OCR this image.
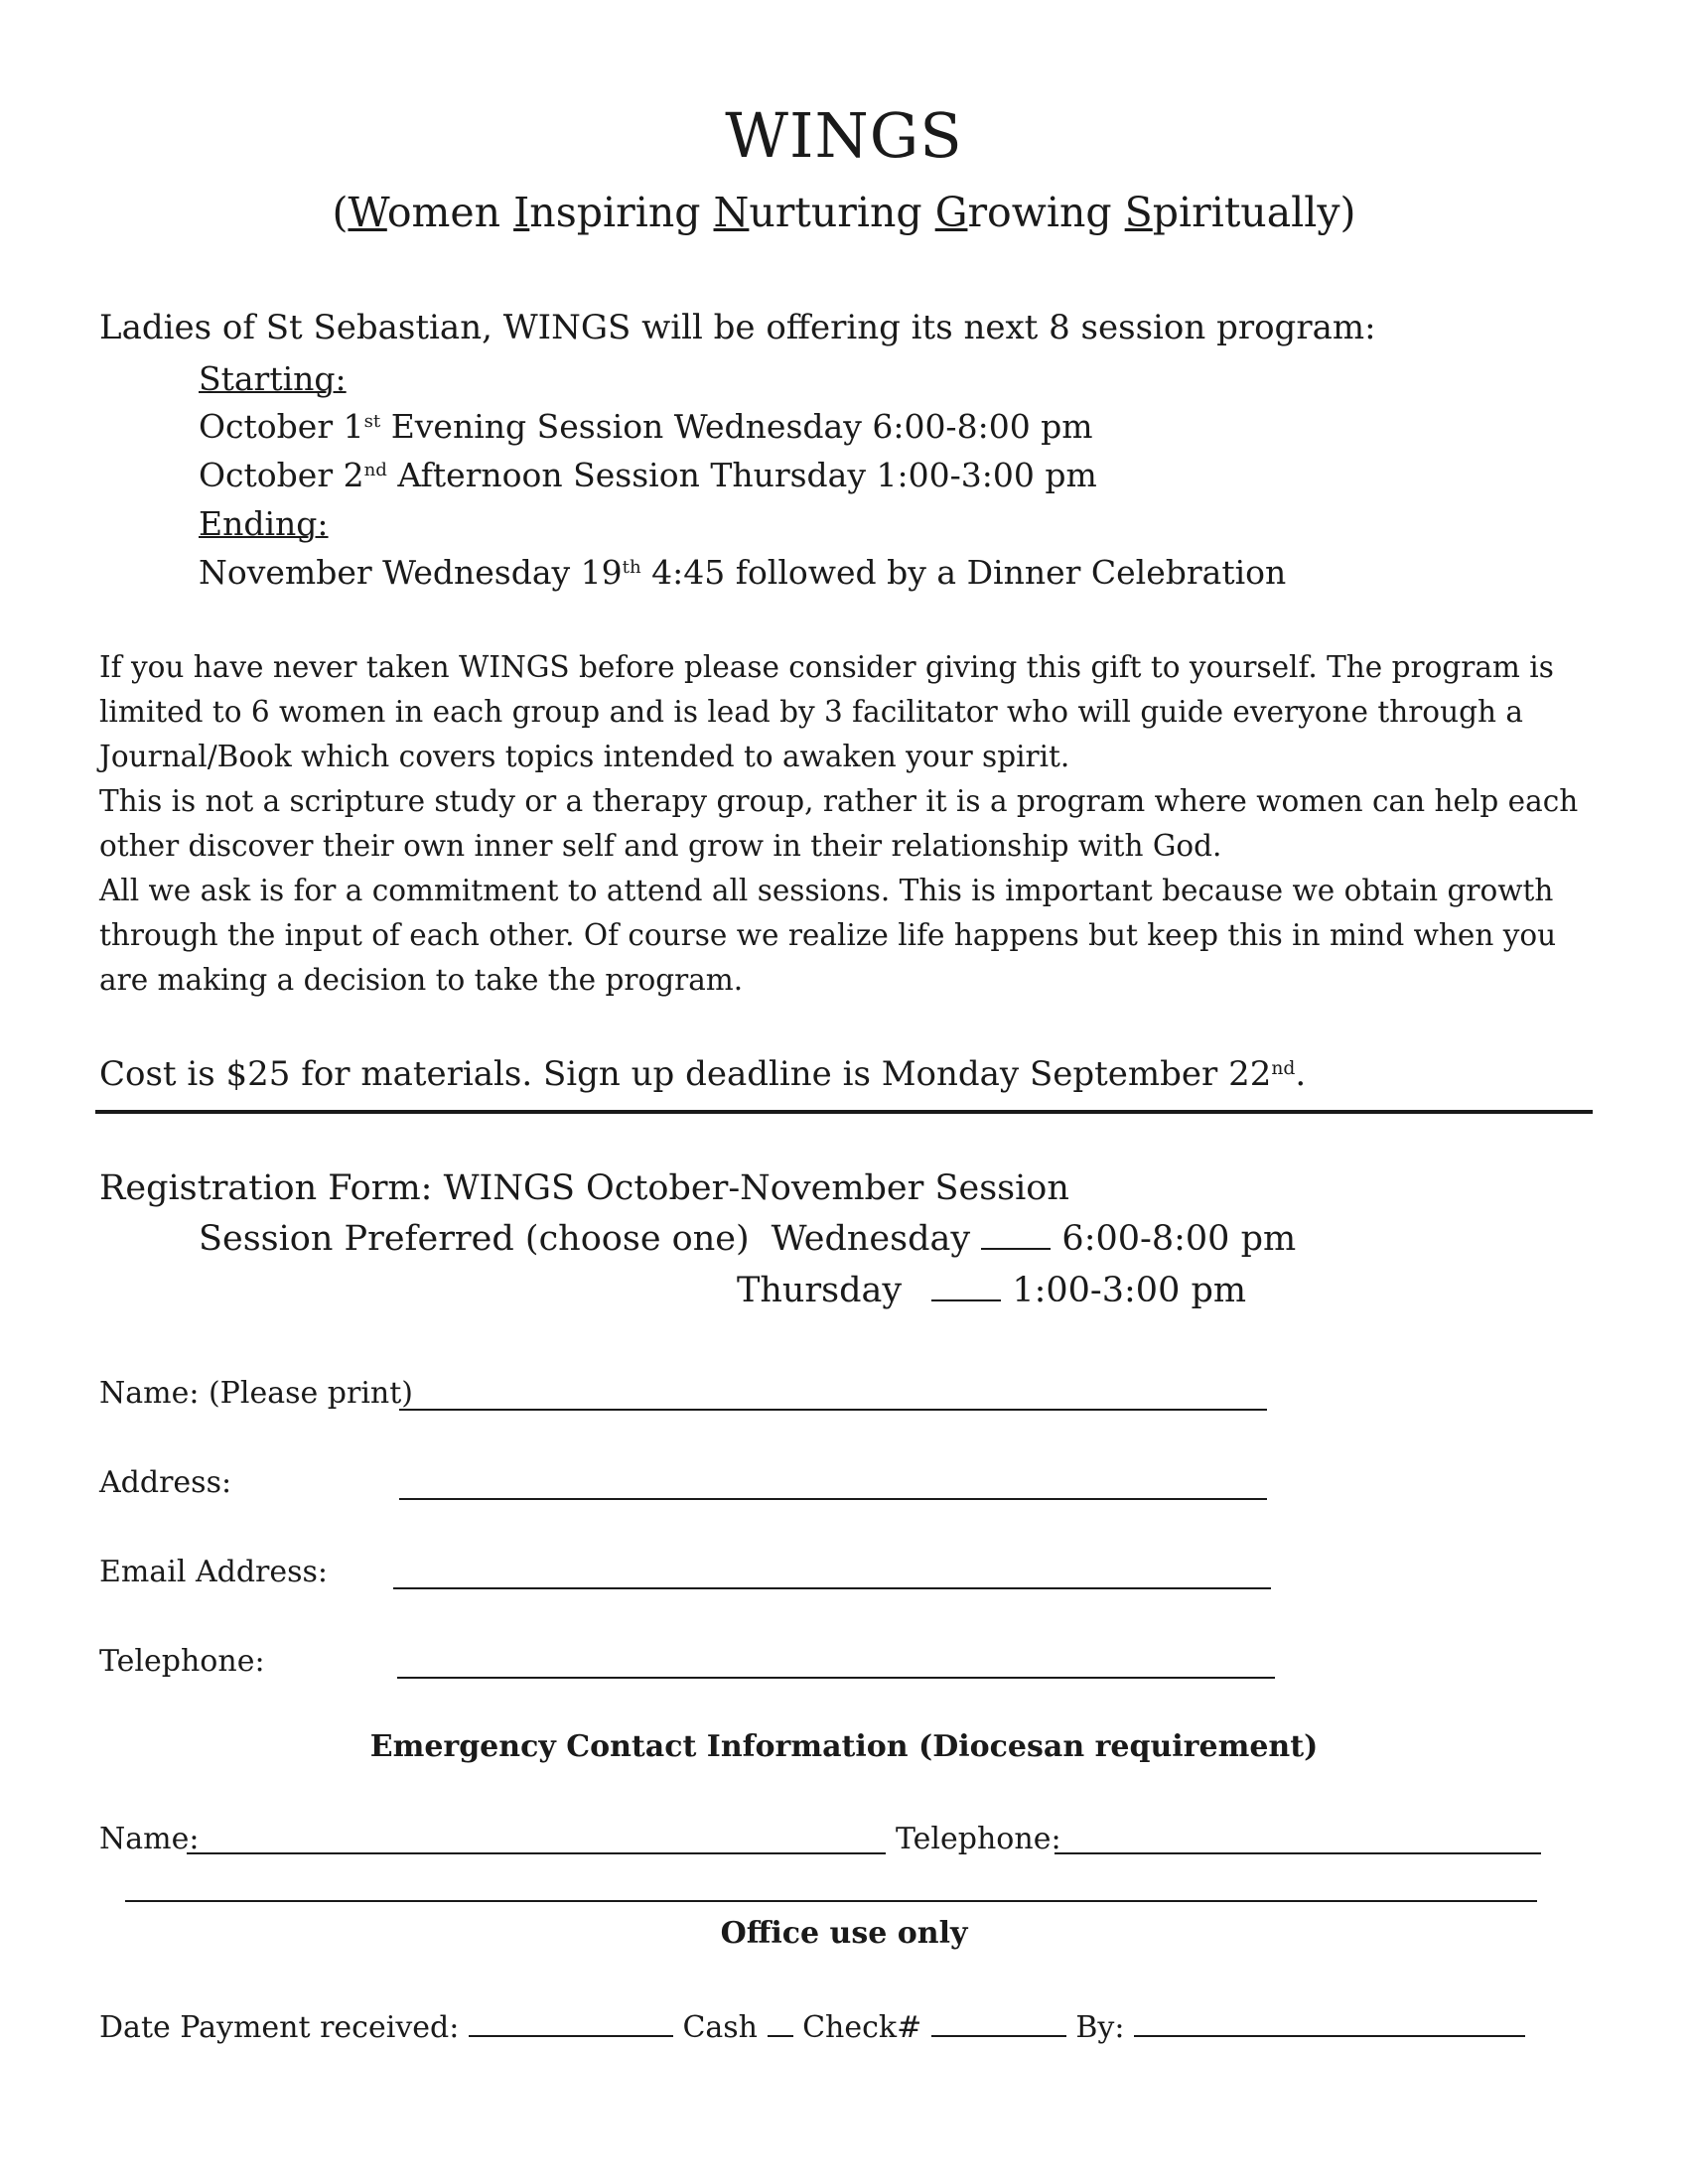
WINGS
(Women Inspiring Nurturing Growing Spiritually)
Ladies of St Sebastian, WINGS will be offering its next 8 session program:
Starting:
October 1st Evening Session Wednesday 6:00-8:00 pm
October 2nd Afternoon Session Thursday 1:00-3:00 pm
Ending:
November Wednesday 19th 4:45 followed by a Dinner Celebration
If you have never taken WINGS before please consider giving this gift to yourself. The program is limited to 6 women in each group and is lead by 3 facilitator who will guide everyone through a Journal/Book which covers topics intended to awaken your spirit.
This is not a scripture study or a therapy group, rather it is a program where women can help each other discover their own inner self and grow in their relationship with God.
All we ask is for a commitment to attend all sessions. This is important because we obtain growth through the input of each other. Of course we realize life happens but keep this in mind when you are making a decision to take the program.
Cost is $25 for materials. Sign up deadline is Monday September 22nd.
Registration Form: WINGS October-November Session
Session Preferred (choose one) Wednesday	6:00-8:00 pm
Thursday	1:00-3:00 pm
Name: (Please print)
Address:
Email Address:
Telephone:
Emergency Contact Information (Diocesan requirement)
Name:	Telephone:
Office use only
Date Payment received:	Cash Check#	By:
